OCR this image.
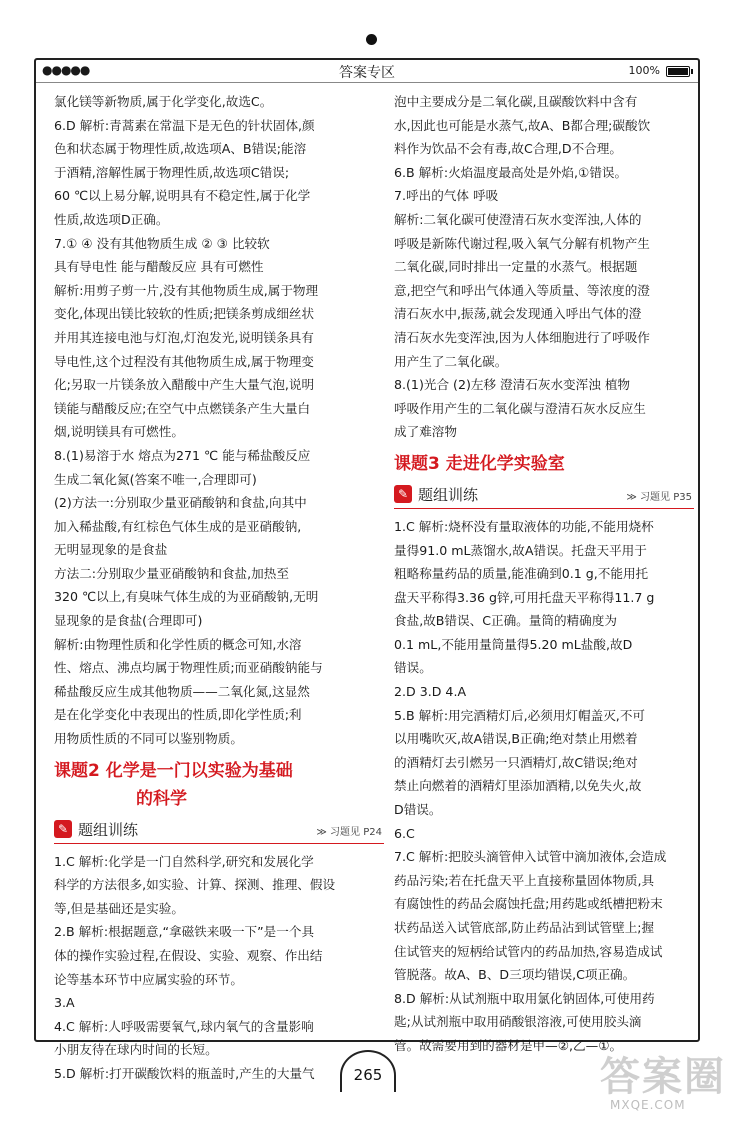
●●●●●	答案专区	100%

氯化镁等新物质,属于化学变化,故选C。

6.D 解析:青蒿素在常温下是无色的针状固体,颜

色和状态属于物理性质,故选项A、B错误;能溶

于酒精,溶解性属于物理性质,故选项C错误;

60 ℃以上易分解,说明具有不稳定性,属于化学

性质,故选项D正确。

7.① ④ 没有其他物质生成 ② ③ 比较软

具有导电性 能与醋酸反应 具有可燃性

解析:用剪子剪一片,没有其他物质生成,属于物理

变化,体现出镁比较软的性质;把镁条剪成细丝状

并用其连接电池与灯泡,灯泡发光,说明镁条具有

导电性,这个过程没有其他物质生成,属于物理变

化;另取一片镁条放入醋酸中产生大量气泡,说明

镁能与醋酸反应;在空气中点燃镁条产生大量白

烟,说明镁具有可燃性。

8.(1)易溶于水 熔点为271 ℃ 能与稀盐酸反应

生成二氧化氮(答案不唯一,合理即可)

(2)方法一:分别取少量亚硝酸钠和食盐,向其中

加入稀盐酸,有红棕色气体生成的是亚硝酸钠,

无明显现象的是食盐

方法二:分别取少量亚硝酸钠和食盐,加热至

320 ℃以上,有臭味气体生成的为亚硝酸钠,无明

显现象的是食盐(合理即可)

解析:由物理性质和化学性质的概念可知,水溶

性、熔点、沸点均属于物理性质;而亚硝酸钠能与

稀盐酸反应生成其他物质——二氧化氮,这显然

是在化学变化中表现出的性质,即化学性质;利

用物质性质的不同可以鉴别物质。

课题2 化学是一门以实验为基础
的科学
✎ 题组训练	≫ 习题见 P24

1.C 解析:化学是一门自然科学,研究和发展化学

科学的方法很多,如实验、计算、探测、推理、假设

等,但是基础还是实验。

2.B 解析:根据题意,“拿磁铁来吸一下”是一个具

体的操作实验过程,在假设、实验、观察、作出结

论等基本环节中应属实验的环节。

3.A

4.C 解析:人呼吸需要氧气,球内氧气的含量影响

小朋友待在球内时间的长短。

5.D 解析:打开碳酸饮料的瓶盖时,产生的大量气

泡中主要成分是二氧化碳,且碳酸饮料中含有

水,因此也可能是水蒸气,故A、B都合理;碳酸饮

料作为饮品不会有毒,故C合理,D不合理。

6.B 解析:火焰温度最高处是外焰,①错误。

7.呼出的气体 呼吸

解析:二氧化碳可使澄清石灰水变浑浊,人体的

呼吸是新陈代谢过程,吸入氧气分解有机物产生

二氧化碳,同时排出一定量的水蒸气。根据题

意,把空气和呼出气体通入等质量、等浓度的澄

清石灰水中,振荡,就会发现通入呼出气体的澄

清石灰水先变浑浊,因为人体细胞进行了呼吸作

用产生了二氧化碳。

8.(1)光合 (2)左移 澄清石灰水变浑浊 植物

呼吸作用产生的二氧化碳与澄清石灰水反应生

成了难溶物

课题3 走进化学实验室
✎ 题组训练	≫ 习题见 P35

1.C 解析:烧杯没有量取液体的功能,不能用烧杯

量得91.0 mL蒸馏水,故A错误。托盘天平用于

粗略称量药品的质量,能准确到0.1 g,不能用托

盘天平称得3.36 g锌,可用托盘天平称得11.7 g

食盐,故B错误、C正确。量筒的精确度为

0.1 mL,不能用量筒量得5.20 mL盐酸,故D

错误。

2.D 3.D 4.A

5.B 解析:用完酒精灯后,必须用灯帽盖灭,不可

以用嘴吹灭,故A错误,B正确;绝对禁止用燃着

的酒精灯去引燃另一只酒精灯,故C错误;绝对

禁止向燃着的酒精灯里添加酒精,以免失火,故

D错误。

6.C

7.C 解析:把胶头滴管伸入试管中滴加液体,会造成

药品污染;若在托盘天平上直接称量固体物质,具

有腐蚀性的药品会腐蚀托盘;用药匙或纸槽把粉末

状药品送入试管底部,防止药品沾到试管壁上;握

住试管夹的短柄给试管内的药品加热,容易造成试

管脱落。故A、B、D三项均错误,C项正确。

8.D 解析:从试剂瓶中取用氯化钠固体,可使用药

匙;从试剂瓶中取用硝酸银溶液,可使用胶头滴

管。故需要用到的器材是甲—②,乙—①。

265	答案圈
MXQE.COM
